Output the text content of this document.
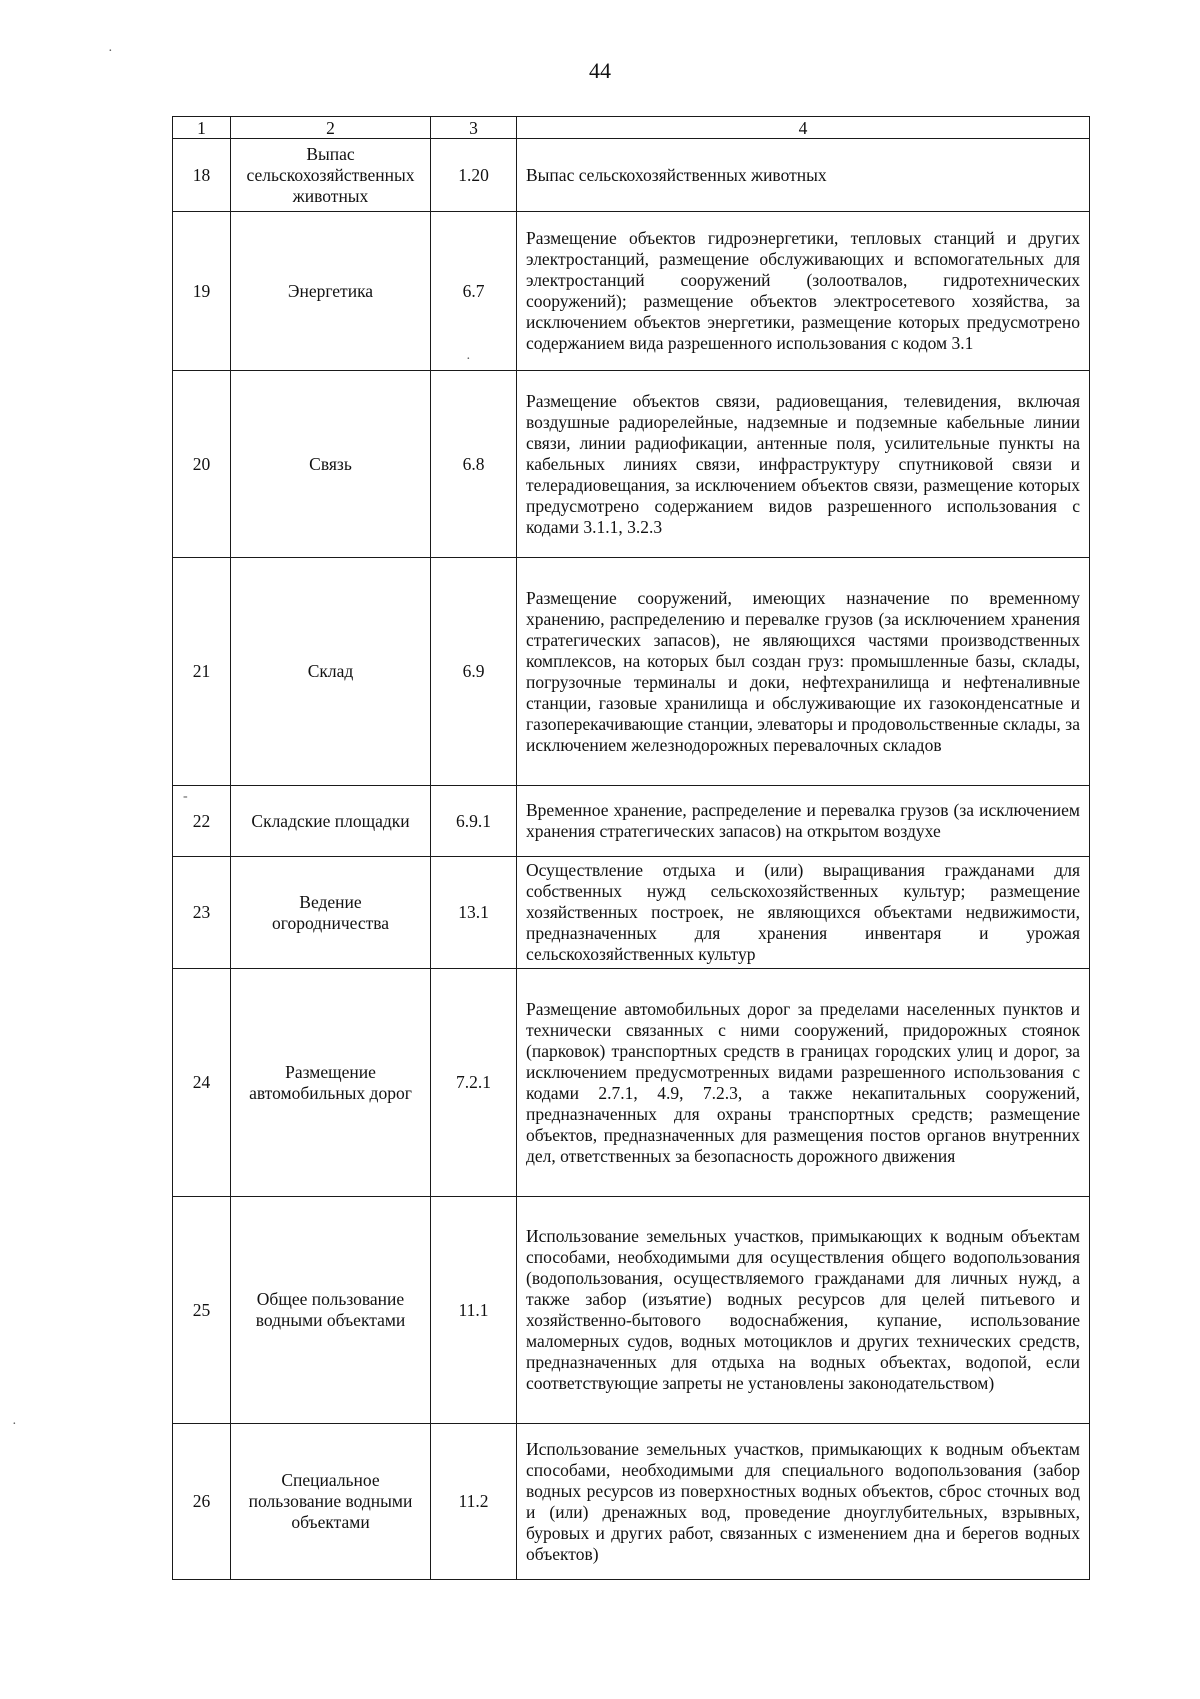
44
·
-
·
·
1	2	3	4
18	Выпас сельскохозяйственных животных	1.20	Выпас сельскохозяйственных животных
19	Энергетика	6.7	Размещение объектов гидроэнергетики, тепловых станций и других электростанций, размещение обслуживающих и вспомогательных для электростанций сооружений (золоотвалов, гидротехнических сооружений); размещение объектов электросетевого хозяйства, за исключением объектов энергетики, размещение которых предусмотрено содержанием вида разрешенного использования с кодом 3.1
20	Связь	6.8	Размещение объектов связи, радиовещания, телевидения, включая воздушные радиорелейные, надземные и подземные кабельные линии связи, линии радиофикации, антенные поля, усилительные пункты на кабельных линиях связи, инфраструктуру спутниковой связи и телерадиовещания, за исключением объектов связи, размещение которых предусмотрено содержанием видов разрешенного использования с кодами 3.1.1, 3.2.3
21	Склад	6.9	Размещение сооружений, имеющих назначение по временному хранению, распределению и перевалке грузов (за исключением хранения стратегических запасов), не являющихся частями производственных комплексов, на которых был создан груз: промышленные базы, склады, погрузочные терминалы и доки, нефтехранилища и нефтеналивные станции, газовые хранилища и обслуживающие их газоконденсатные и газоперекачивающие станции, элеваторы и продовольственные склады, за исключением железнодорожных перевалочных складов
22	Складские площадки	6.9.1	Временное хранение, распределение и перевалка грузов (за исключением хранения стратегических запасов) на открытом воздухе
23	Ведение огородничества	13.1	Осуществление отдыха и (или) выращивания гражданами для собственных нужд сельскохозяйственных культур; размещение хозяйственных построек, не являющихся объектами недвижимости, предназначенных для хранения инвентаря и урожая сельскохозяйственных культур
24	Размещение автомобильных дорог	7.2.1	Размещение автомобильных дорог за пределами населенных пунктов и технически связанных с ними сооружений, придорожных стоянок (парковок) транспортных средств в границах городских улиц и дорог, за исключением предусмотренных видами разрешенного использования с кодами 2.7.1, 4.9, 7.2.3, а также некапитальных сооружений, предназначенных для охраны транспортных средств; размещение объектов, предназначенных для размещения постов органов внутренних дел, ответственных за безопасность дорожного движения
25	Общее пользование водными объектами	11.1	Использование земельных участков, примыкающих к водным объектам способами, необходимыми для осуществления общего водопользования (водопользования, осуществляемого гражданами для личных нужд, а также забор (изъятие) водных ресурсов для целей питьевого и хозяйственно-бытового водоснабжения, купание, использование маломерных судов, водных мотоциклов и других технических средств, предназначенных для отдыха на водных объектах, водопой, если соответствующие запреты не установлены законодательством)
26	Специальное пользование водными объектами	11.2	Использование земельных участков, примыкающих к водным объектам способами, необходимыми для специального водопользования (забор водных ресурсов из поверхностных водных объектов, сброс сточных вод и (или) дренажных вод, проведение дноуглубительных, взрывных, буровых и других работ, связанных с изменением дна и берегов водных объектов)
